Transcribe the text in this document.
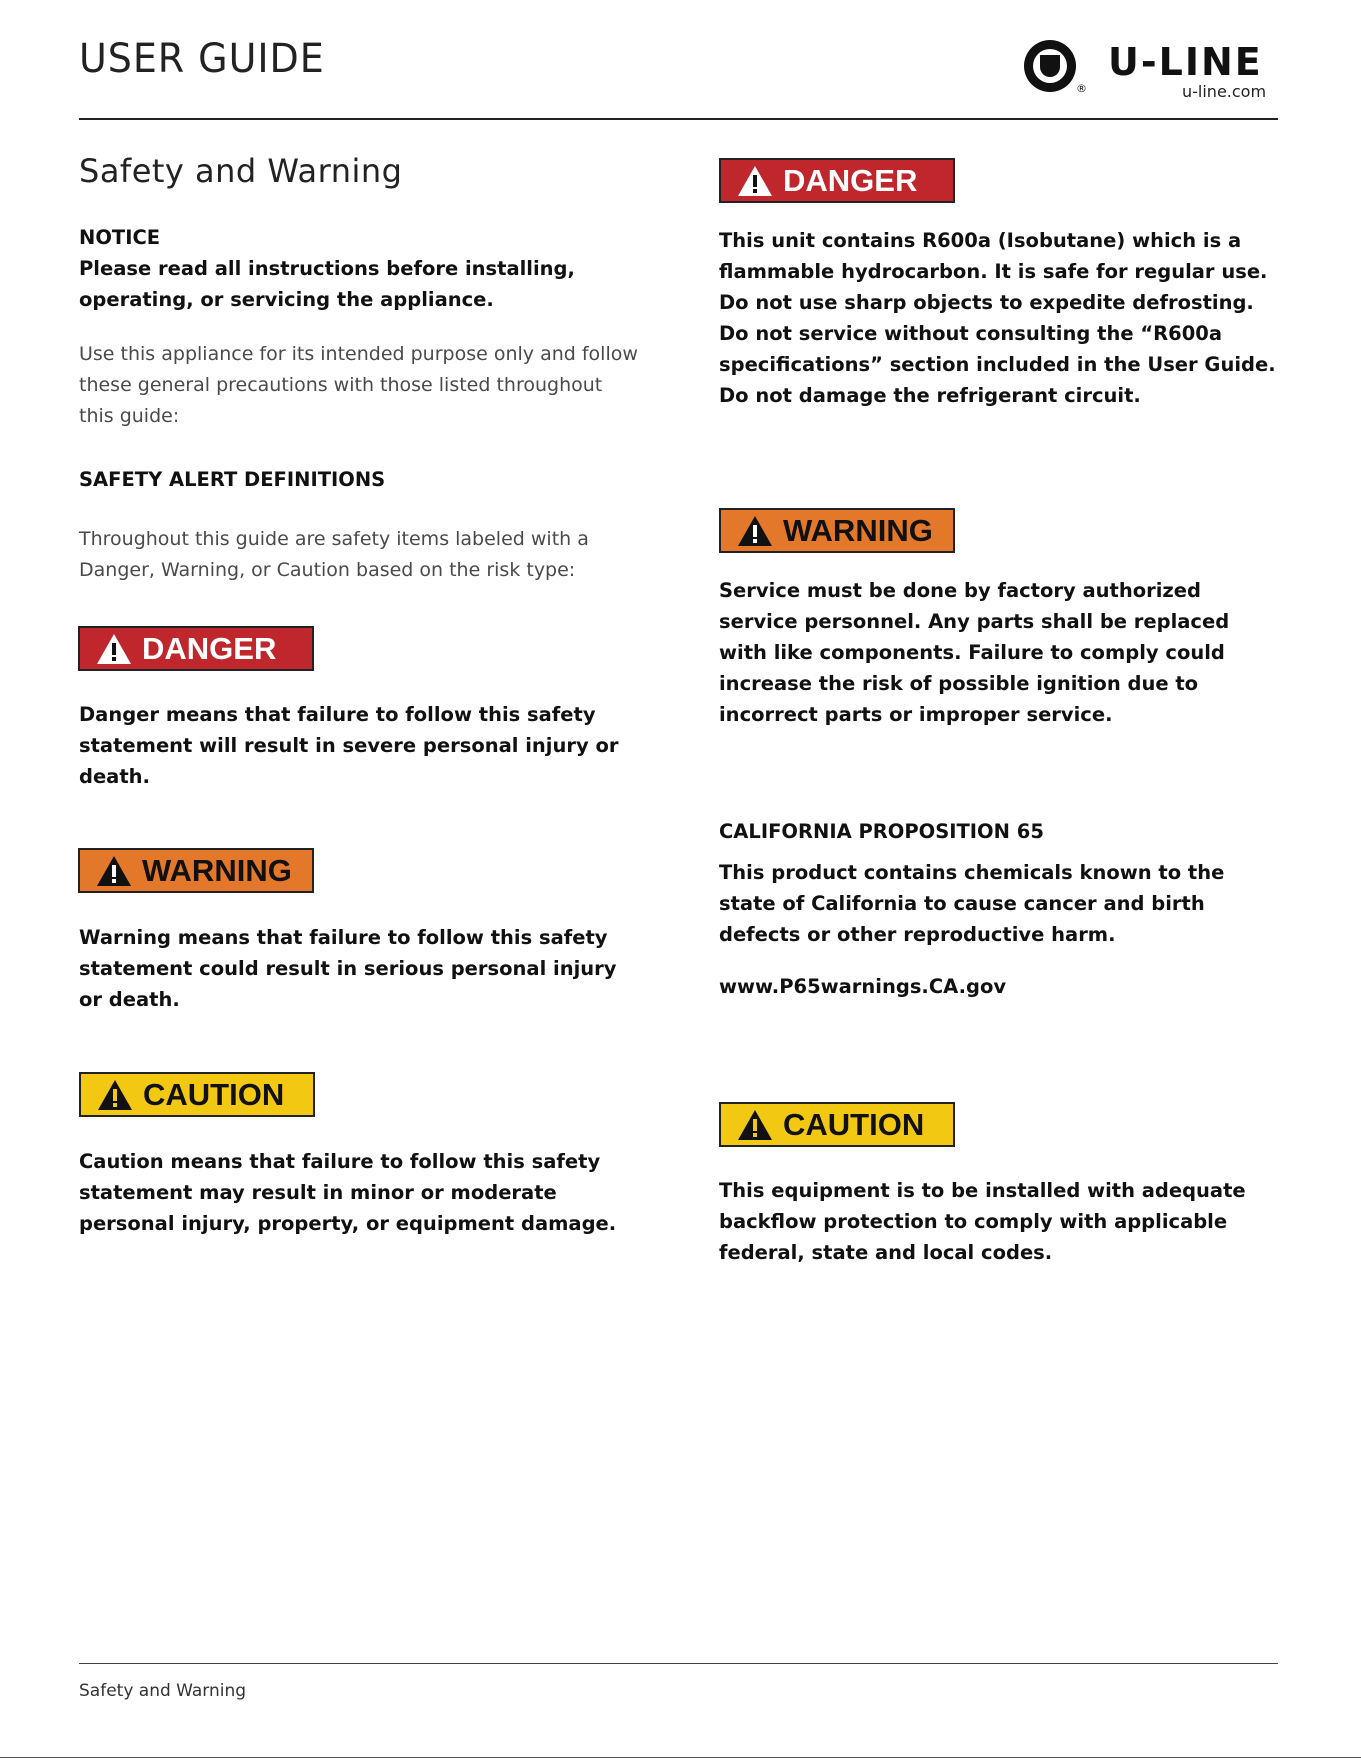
USER GUIDE
®
U-LINE
u-line.com
Safety and Warning

NOTICE

Please read all instructions before installing, operating, or servicing the appliance.

Use this appliance for its intended purpose only and follow these general precautions with those listed throughout this guide:

SAFETY ALERT DEFINITIONS

Throughout this guide are safety items labeled with a Danger, Warning, or Caution based on the risk type:

DANGER

Danger means that failure to follow this safety statement will result in severe personal injury or death.

WARNING

Warning means that failure to follow this safety statement could result in serious personal injury or death.

CAUTION

Caution means that failure to follow this safety statement may result in minor or moderate personal injury, property, or equipment damage.

DANGER

This unit contains R600a (Isobutane) which is a flammable hydrocarbon. It is safe for regular use. Do not use sharp objects to expedite defrosting. Do not service without consulting the “R600a specifications” section included in the User Guide. Do not damage the refrigerant circuit.

WARNING

Service must be done by factory authorized service personnel. Any parts shall be replaced with like components. Failure to comply could increase the risk of possible ignition due to incorrect parts or improper service.

CALIFORNIA PROPOSITION 65

This product contains chemicals known to the state of California to cause cancer and birth defects or other reproductive harm.

www.P65warnings.CA.gov

CAUTION

This equipment is to be installed with adequate backflow protection to comply with applicable federal, state and local codes.

Safety and Warning
